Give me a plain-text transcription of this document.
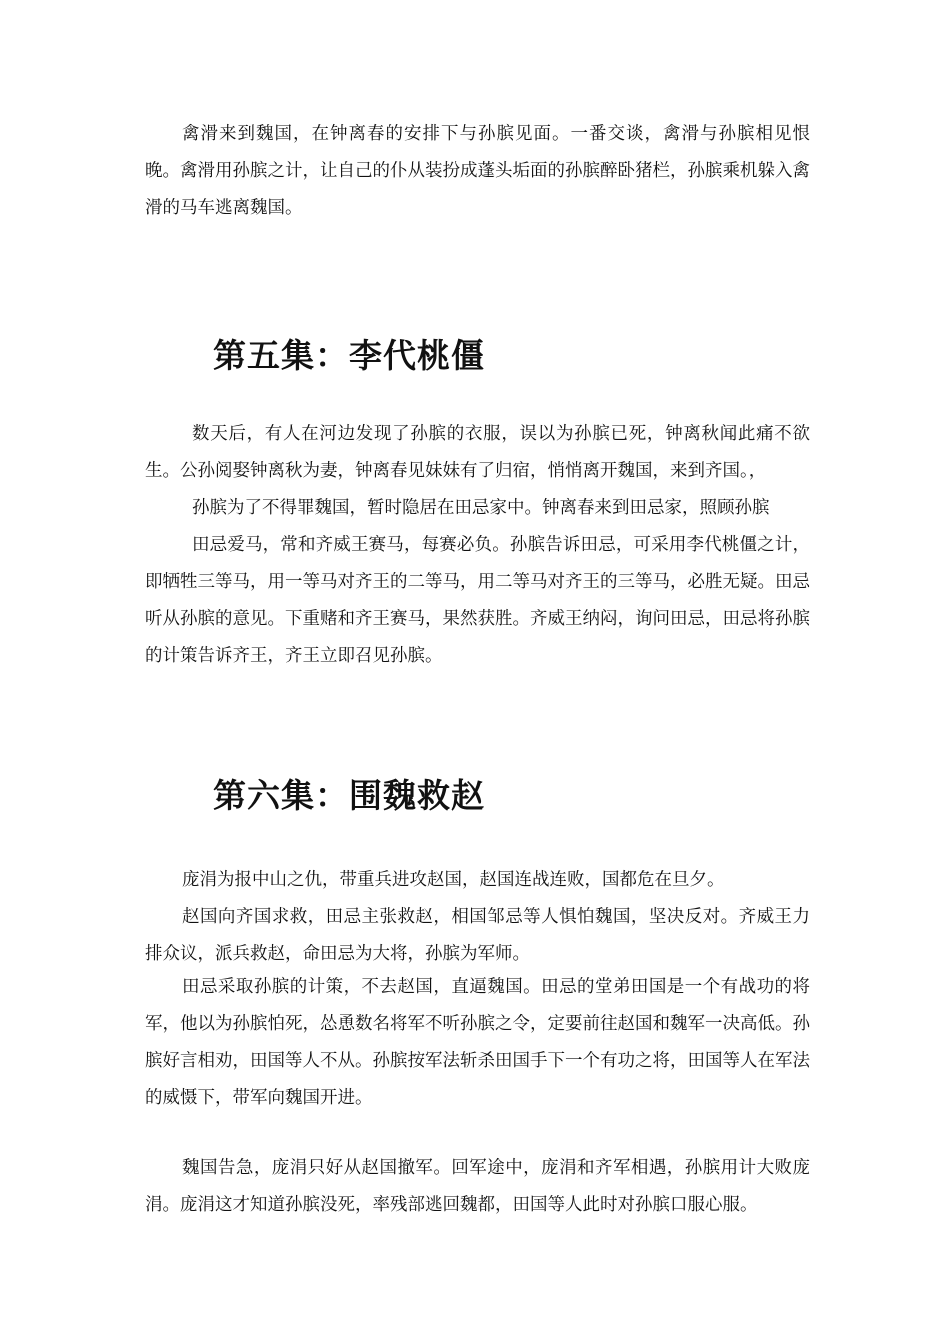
禽滑来到魏国，在钟离春的安排下与孙膑见面。一番交谈，禽滑与孙膑相见恨晚。禽滑用孙膑之计，让自己的仆从装扮成蓬头垢面的孙膑醉卧猪栏，孙膑乘机躲入禽滑的马车逃离魏国。

第五集：李代桃僵

数天后，有人在河边发现了孙膑的衣服，误以为孙膑已死，钟离秋闻此痛不欲生。公孙阅娶钟离秋为妻，钟离春见妹妹有了归宿，悄悄离开魏国，来到齐国。，

孙膑为了不得罪魏国，暂时隐居在田忌家中。钟离春来到田忌家，照顾孙膑

田忌爱马，常和齐威王赛马，每赛必负。孙膑告诉田忌，可采用李代桃僵之计，即牺牲三等马，用一等马对齐王的二等马，用二等马对齐王的三等马，必胜无疑。田忌听从孙膑的意见。下重赌和齐王赛马，果然获胜。齐威王纳闷，询问田忌，田忌将孙膑的计策告诉齐王，齐王立即召见孙膑。

第六集：围魏救赵

庞涓为报中山之仇，带重兵进攻赵国，赵国连战连败，国都危在旦夕。

赵国向齐国求救，田忌主张救赵，相国邹忌等人惧怕魏国，坚决反对。齐威王力排众议，派兵救赵，命田忌为大将，孙膑为军师。

田忌采取孙膑的计策，不去赵国，直逼魏国。田忌的堂弟田国是一个有战功的将军，他以为孙膑怕死，怂恿数名将军不听孙膑之令，定要前往赵国和魏军一决高低。孙膑好言相劝，田国等人不从。孙膑按军法斩杀田国手下一个有功之将，田国等人在军法的威慑下，带军向魏国开进。

魏国告急，庞涓只好从赵国撤军。回军途中，庞涓和齐军相遇，孙膑用计大败庞涓。庞涓这才知道孙膑没死，率残部逃回魏都，田国等人此时对孙膑口服心服。
